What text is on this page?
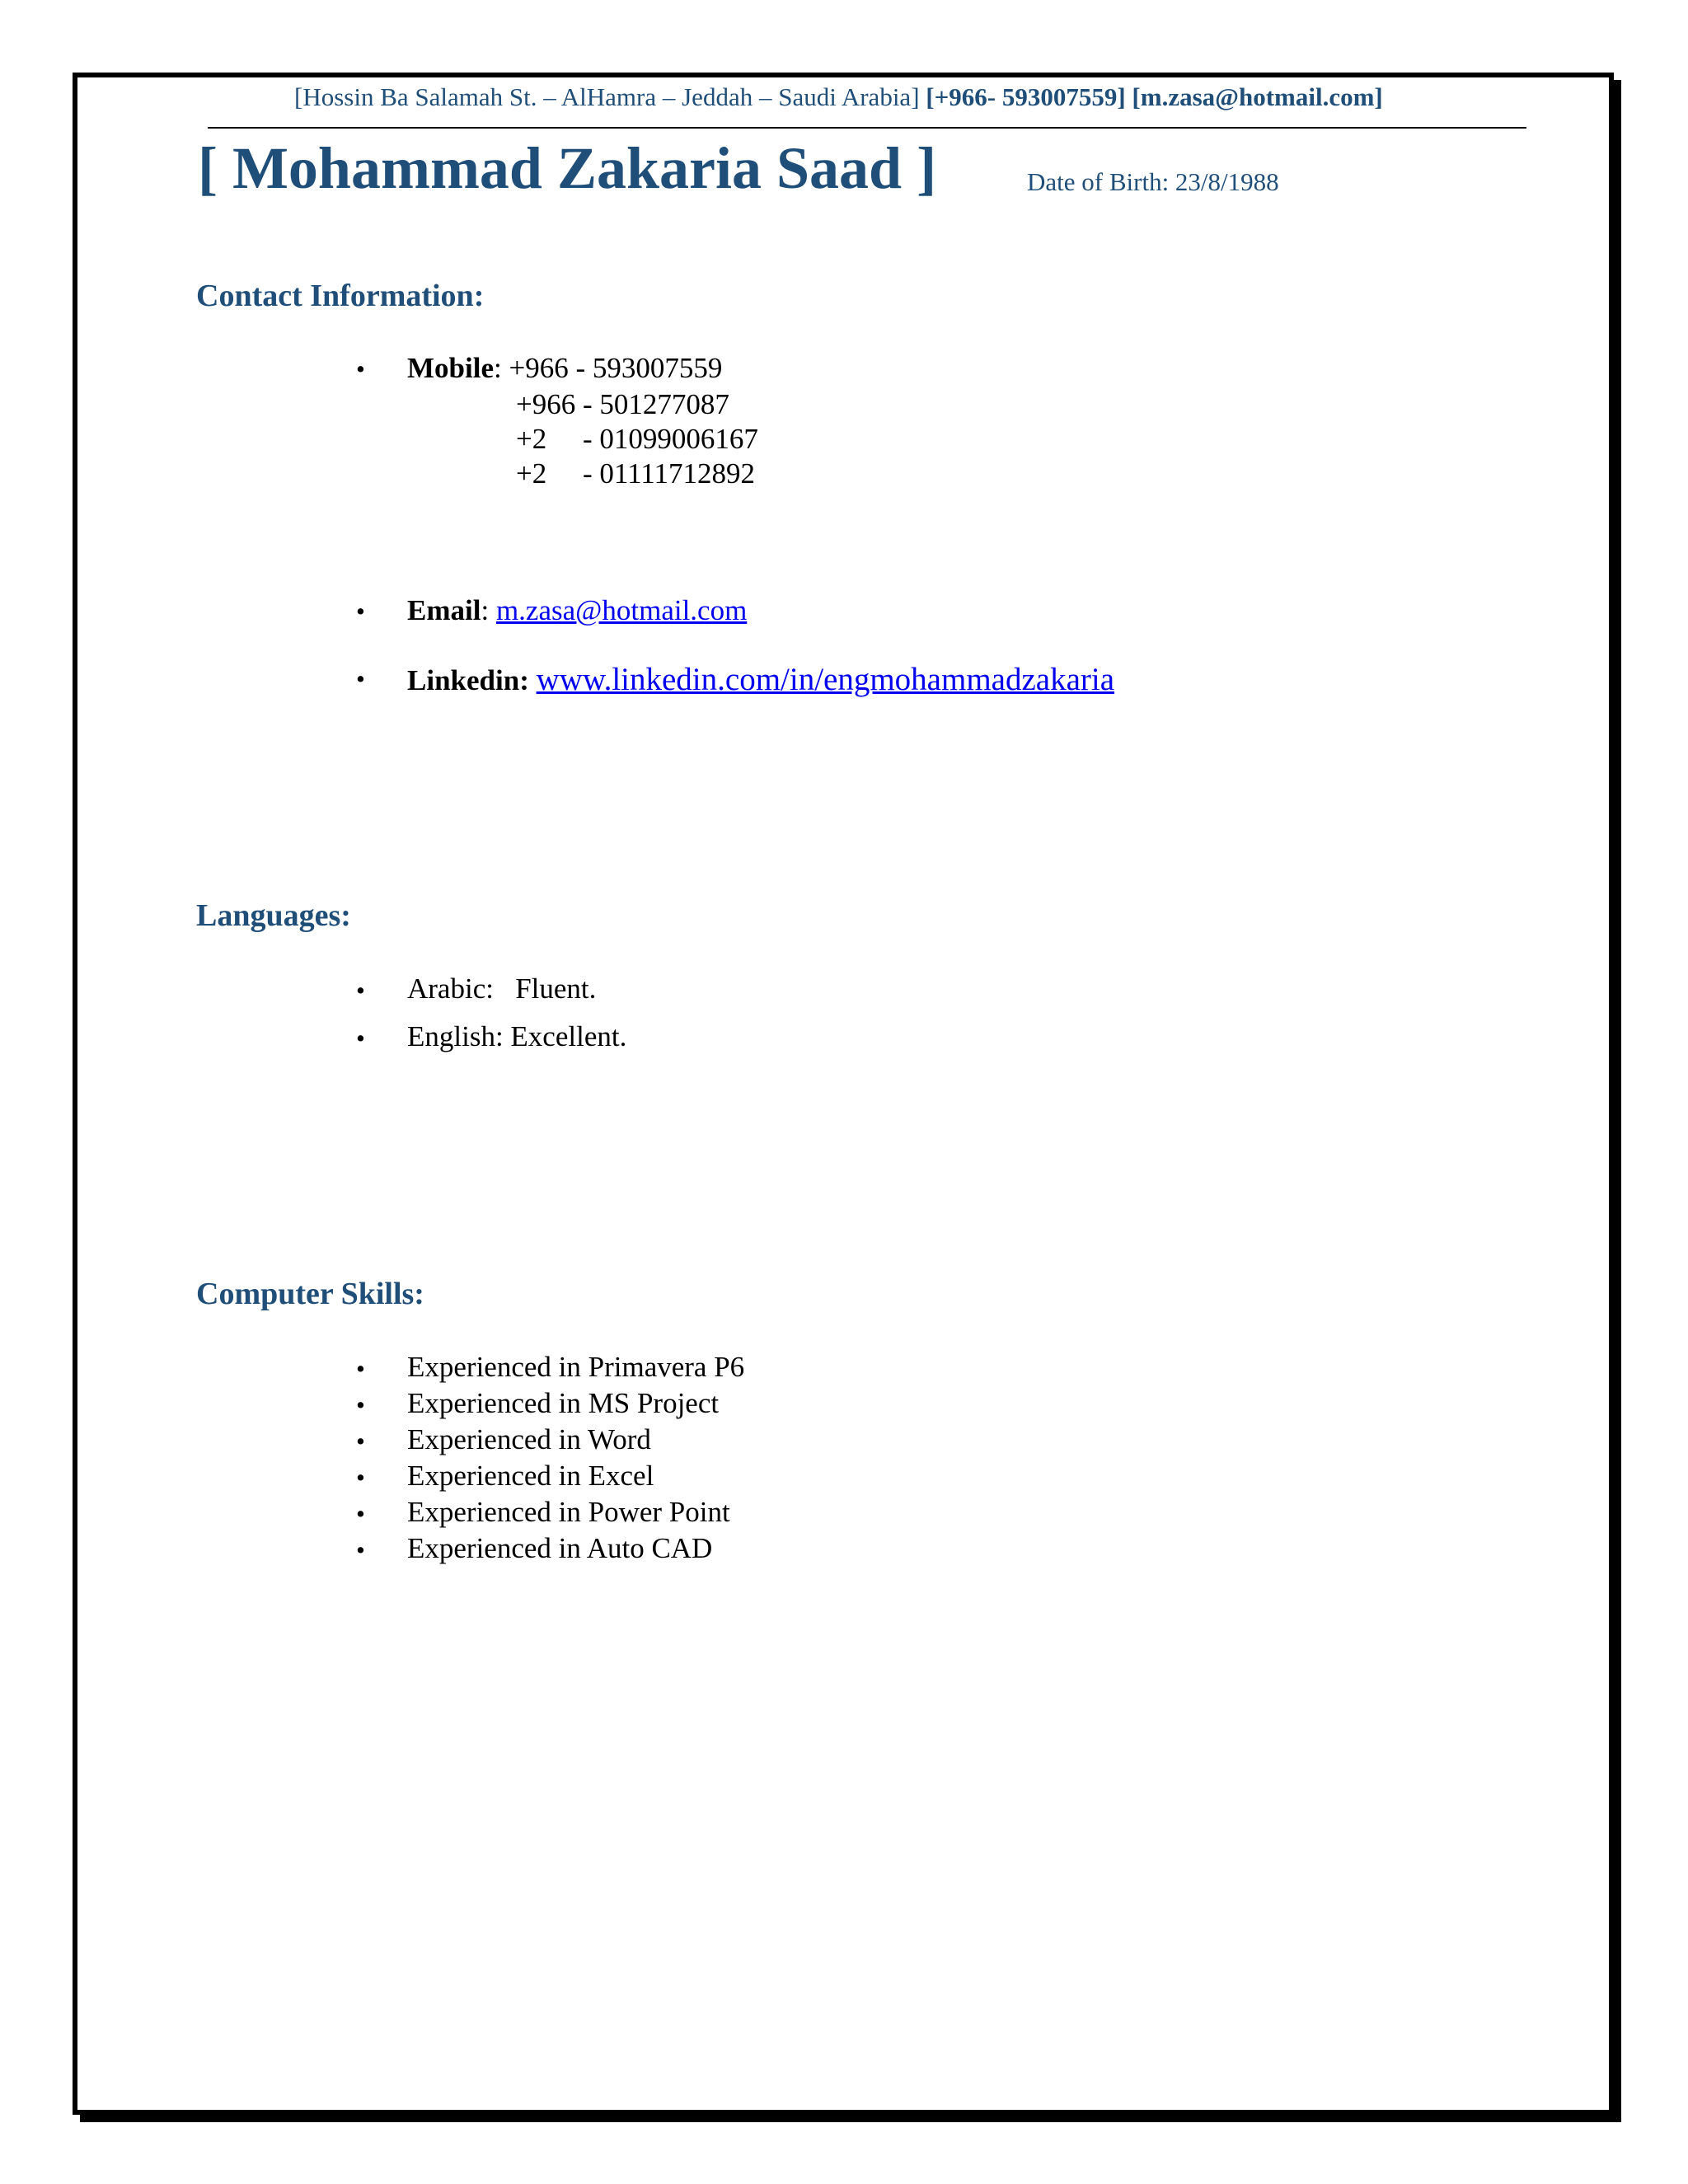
[Hossin Ba Salamah St. – AlHamra – Jeddah – Saudi Arabia] [+966- 593007559] [m.zasa@hotmail.com]
[ Mohammad Zakaria Saad ]	Date of Birth: 23/8/1988
Contact Information:
• Mobile: +966 - 593007559
+966 - 501277087
+2     - 01099006167
+2     - 01111712892
• Email: m.zasa@hotmail.com
• Linkedin: www.linkedin.com/in/engmohammadzakaria
Languages:
• Arabic:   Fluent.
• English: Excellent.
Computer Skills:
• Experienced in Primavera P6
• Experienced in MS Project
• Experienced in Word
• Experienced in Excel
• Experienced in Power Point
• Experienced in Auto CAD
